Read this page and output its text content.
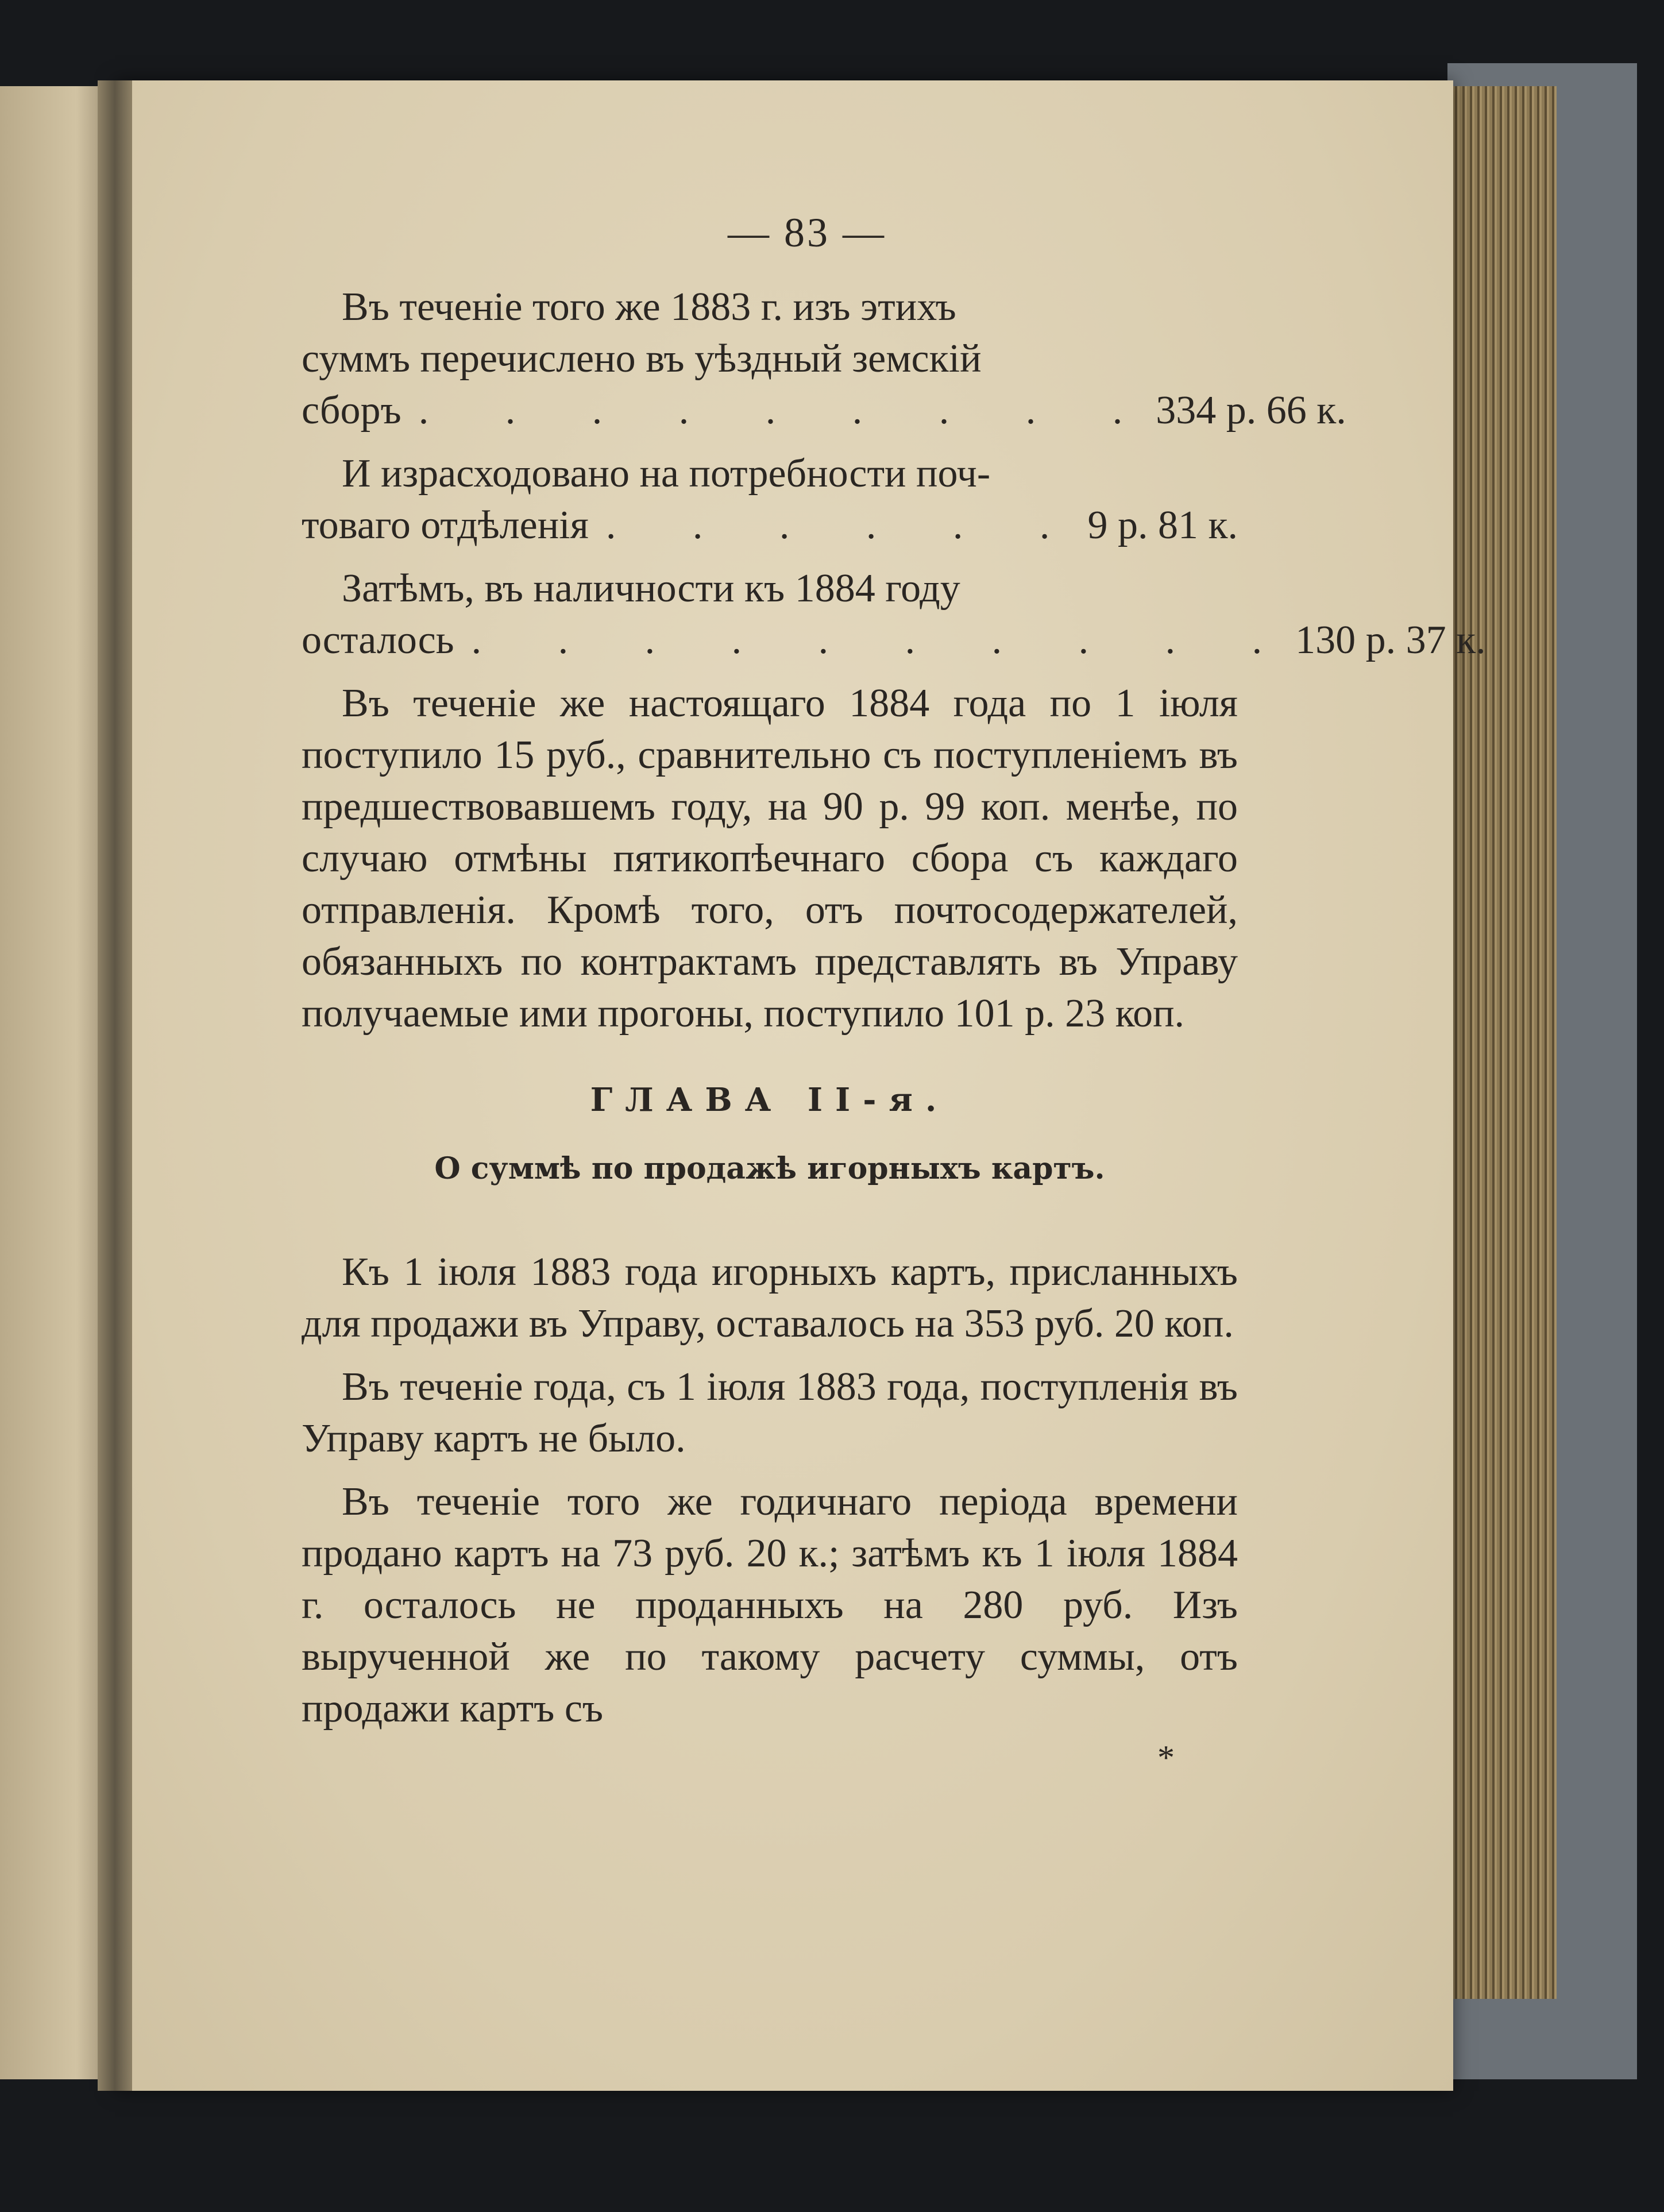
— 83 —

Въ теченіе того же 1883 г. изъ этихъ

суммъ перечислено въ уѣздный земскій

сборъ . . . . . . . . . 334 р. 66 к.

И израсходовано на потребности поч-

товаго отдѣленія . . . . . . 9 р. 81 к.

Затѣмъ, въ наличности къ 1884 году

осталось . . . . . . . . . . 130 р. 37 к.

Въ теченіе же настоящаго 1884 года по 1 іюля поступило 15 руб., сравнительно съ поступленіемъ въ предшествовавшемъ году, на 90 р. 99 коп. менѣе, по случаю отмѣны пятикопѣечнаго сбора съ каждаго отправленія. Кромѣ того, отъ почтосодержателей, обязанныхъ по контрактамъ представлять въ Управу получаемые ими прогоны, поступило 101 р. 23 коп.

ГЛАВА II-я.
О суммѣ по продажѣ игорныхъ картъ.

Къ 1 іюля 1883 года игорныхъ картъ, присланныхъ для продажи въ Управу, оставалось на 353 руб. 20 коп.

Въ теченіе года, съ 1 іюля 1883 года, поступленія въ Управу картъ не было.

Въ теченіе того же годичнаго періода времени продано картъ на 73 руб. 20 к.; затѣмъ къ 1 іюля 1884 г. осталось не проданныхъ на 280 руб. Изъ вырученной же по такому расчету суммы, отъ продажи картъ съ

*
